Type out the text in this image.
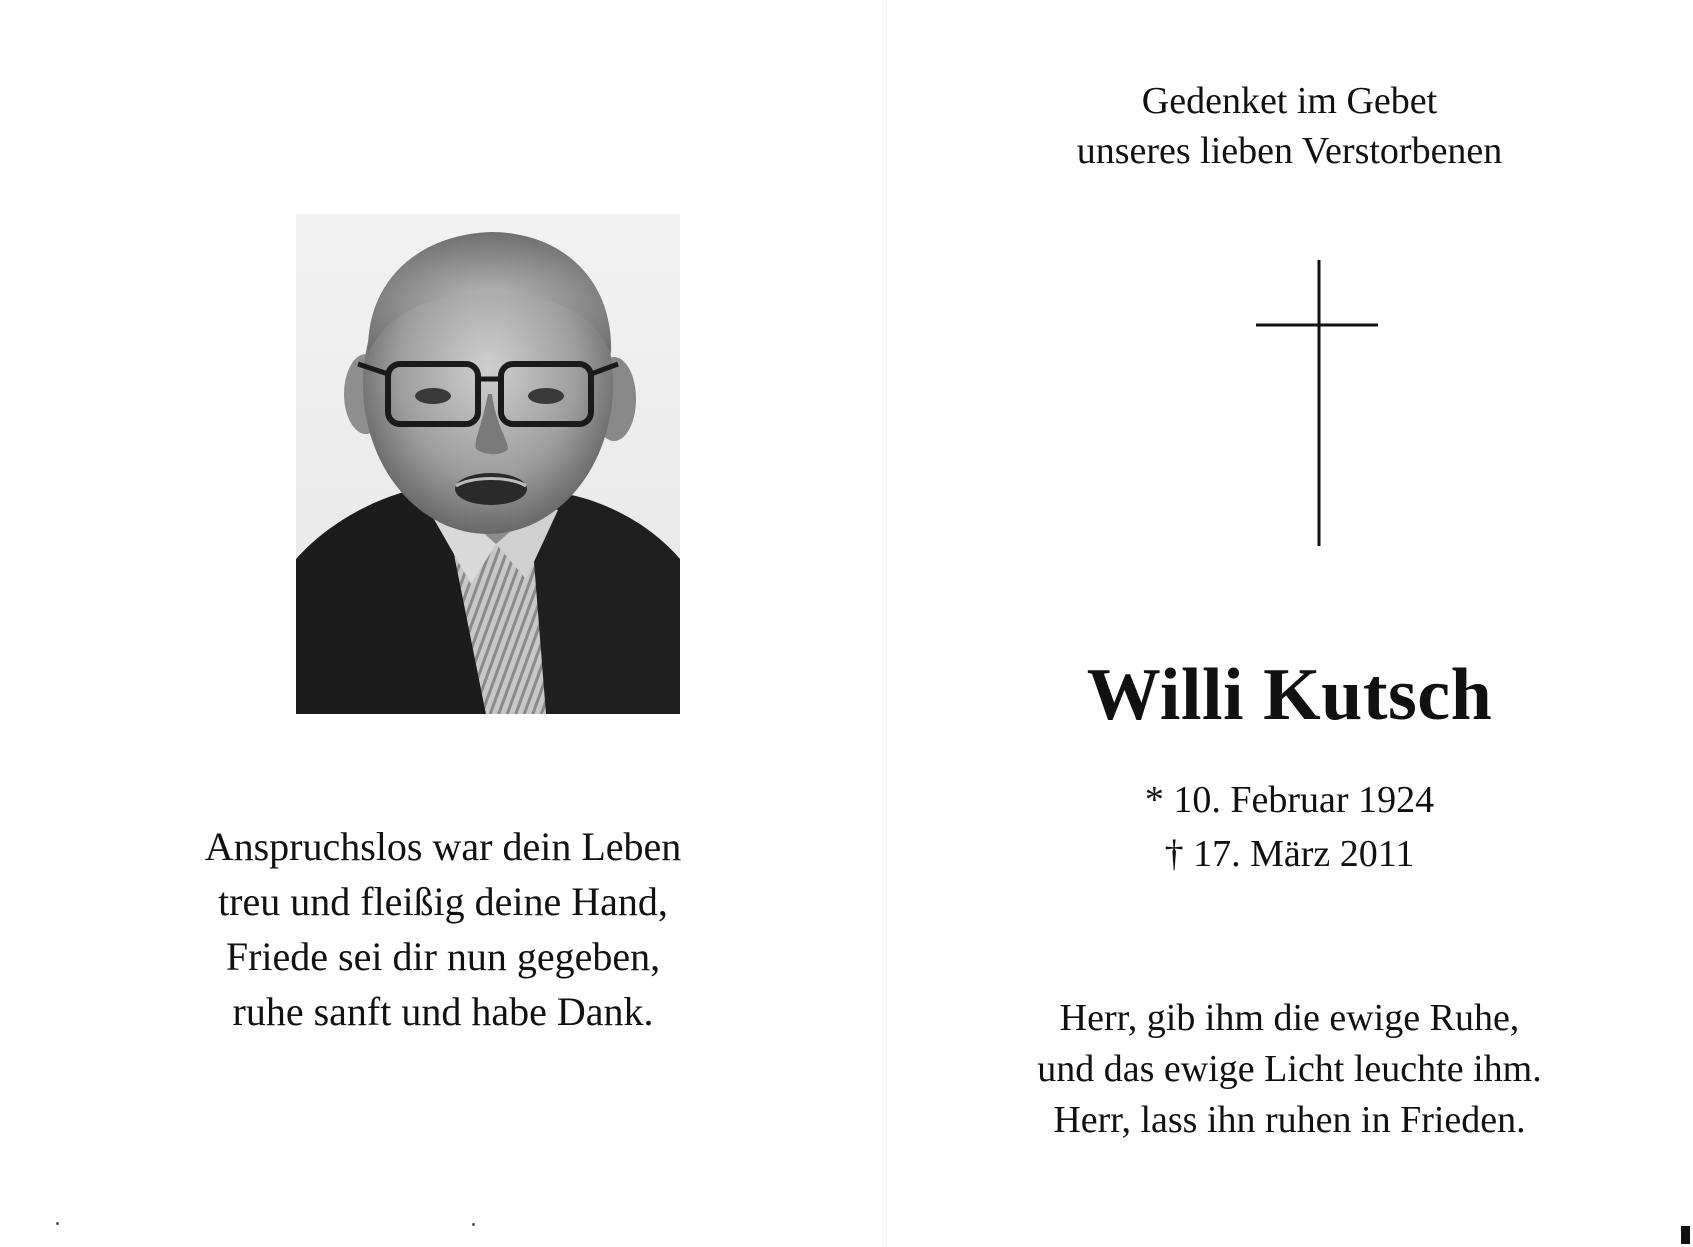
Anspruchslos war dein Leben
treu und fleißig deine Hand,
Friede sei dir nun gegeben,
ruhe sanft und habe Dank.
Gedenket im Gebet
unseres lieben Verstorbenen
Willi Kutsch
* 10. Februar 1924
† 17. März 2011
Herr, gib ihm die ewige Ruhe,
und das ewige Licht leuchte ihm.
Herr, lass ihn ruhen in Frieden.
